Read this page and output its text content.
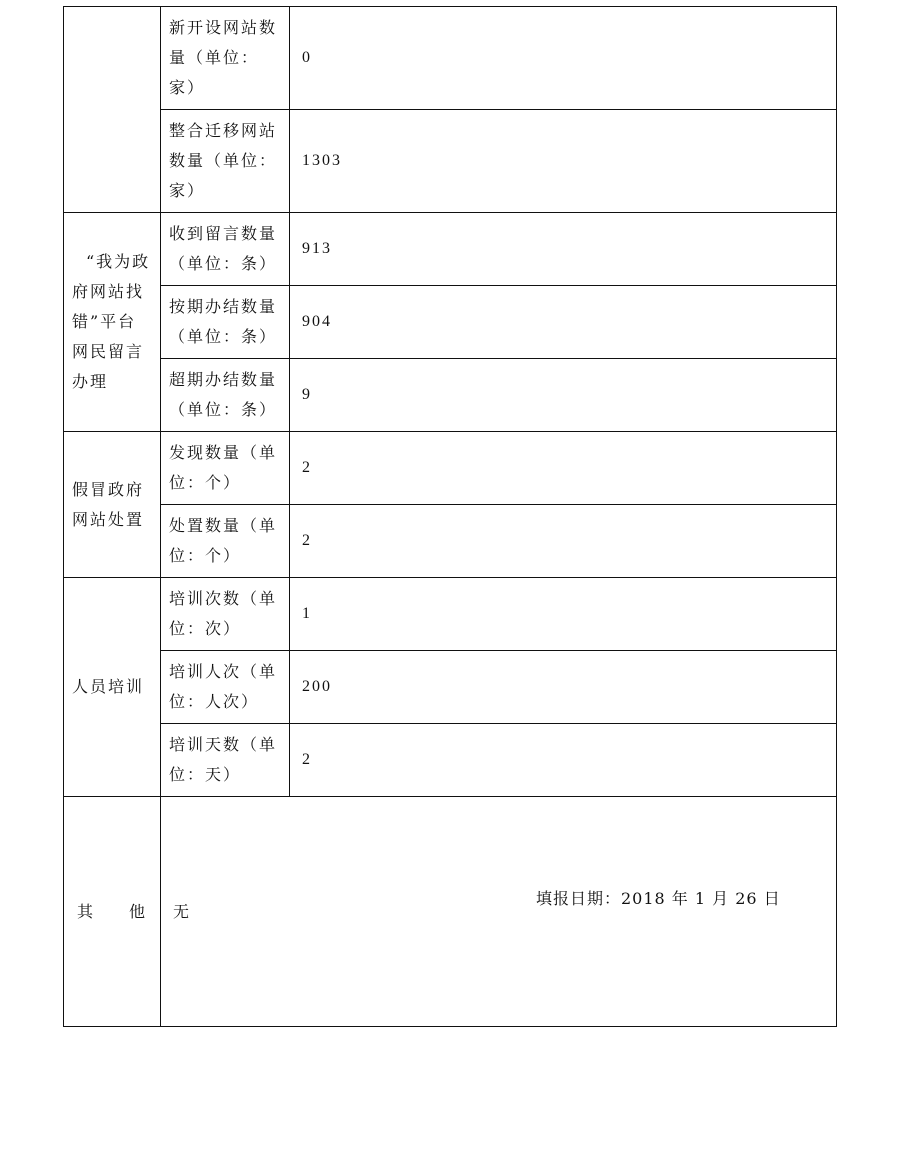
	新开设网站数量（单位：家）	0
	整合迁移网站数量（单位：家）	1303
“我为政府网站找错”平台网民留言办理	收到留言数量（单位：条）	913
	按期办结数量（单位：条）	904
	超期办结数量（单位：条）	9
假冒政府网站处置	发现数量（单位：个）	2
	处置数量（单位：个）	2
人员培训	培训次数（单位：次）	1
	培训人次（单位：人次）	200
	培训天数（单位：天）	2
其他	无	
填报日期：2018 年 1 月 26 日
